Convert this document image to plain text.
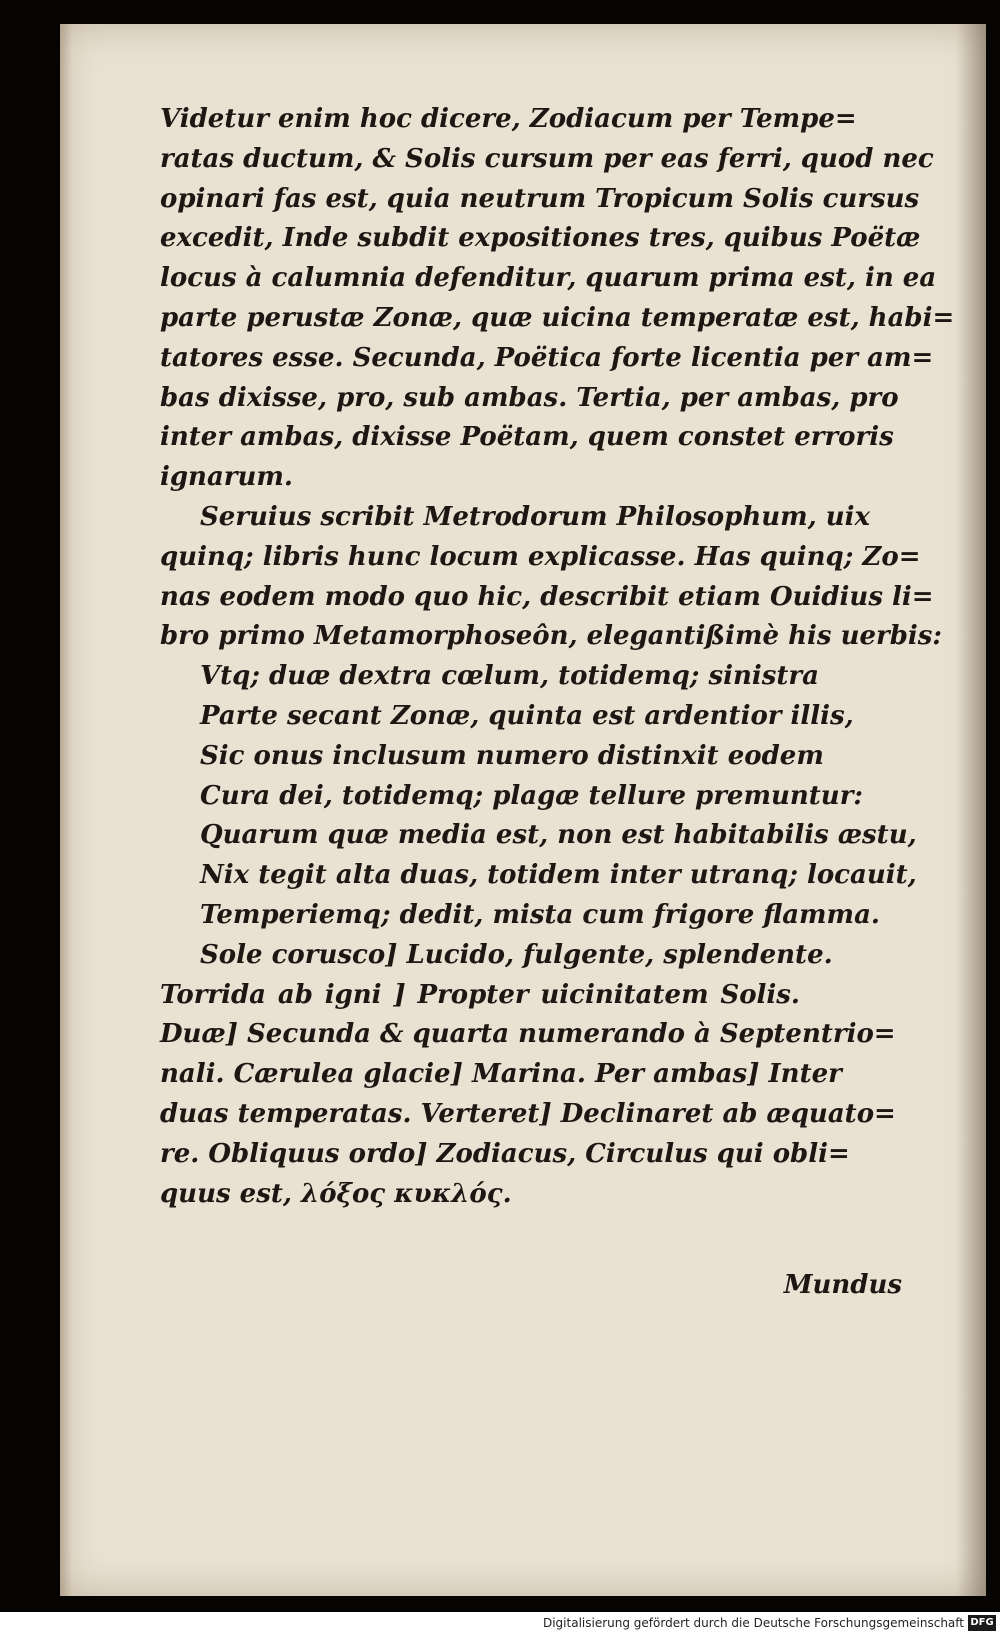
Videtur enim hoc dicere, Zodiacum per Tempe=
ratas ductum, & Solis cursum per eas ferri, quod nec
opinari fas est, quia neutrum Tropicum Solis cursus
excedit, Inde subdit expositiones tres, quibus Poëtæ
locus à calumnia defenditur, quarum prima est, in ea
parte perustæ Zonæ, quæ uicina temperatæ est, habi=
tatores esse. Secunda, Poëtica forte licentia per am=
bas dixisse, pro, sub ambas. Tertia, per ambas, pro
inter ambas, dixisse Poëtam, quem constet erroris
ignarum.
Seruius scribit Metrodorum Philosophum, uix
quinq; libris hunc locum explicasse. Has quinq; Zo=
nas eodem modo quo hic, describit etiam Ouidius li=
bro primo Metamorphoseôn, elegantißimè his uerbis:
Vtq; duæ dextra cœlum, totidemq; sinistra
Parte secant Zonæ, quinta est ardentior illis,
Sic onus inclusum numero distinxit eodem
Cura dei, totidemq; plagæ tellure premuntur:
Quarum quæ media est, non est habitabilis æstu,
Nix tegit alta duas, totidem inter utranq; locauit,
Temperiemq; dedit, mista cum frigore flamma.
Sole corusco] Lucido, fulgente, splendente.
Torrida ab igni ] Propter uicinitatem Solis.
Duæ] Secunda & quarta numerando à Septentrio=
nali. Cærulea glacie] Marina. Per ambas] Inter
duas temperatas. Verteret] Declinaret ab æquato=
re. Obliquus ordo] Zodiacus, Circulus qui obli=
quus est, λόξος κυκλός.
Mundus
Digitalisierung gefördert durch die Deutsche Forschungsgemeinschaft DFG
